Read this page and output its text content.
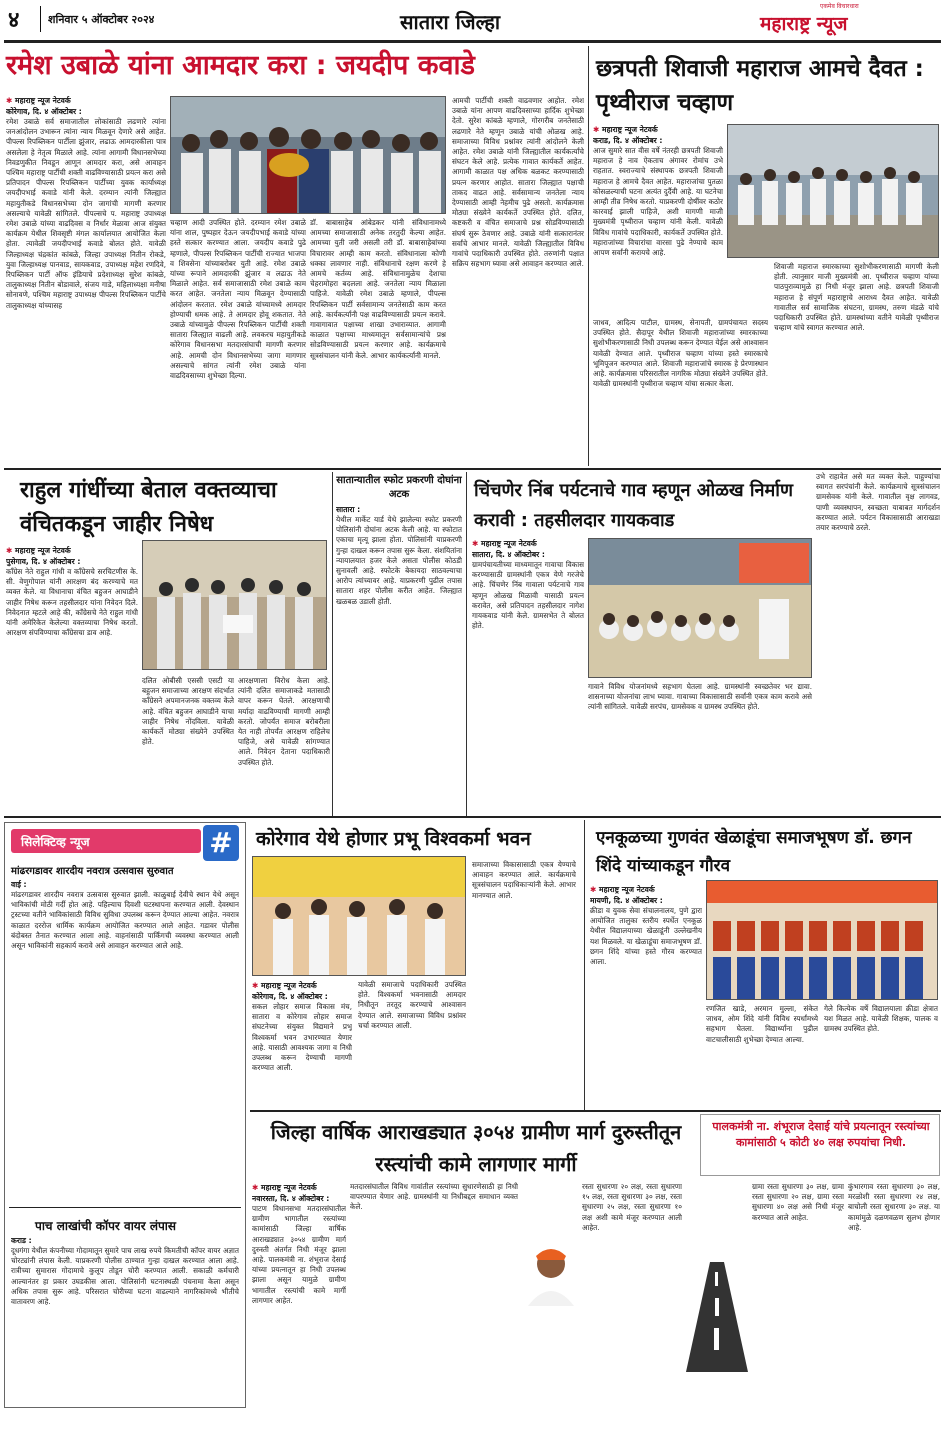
४	शनिवार ५ ऑक्टोबर २०२४	सातारा जिल्हा
एकमेव विचारधारा
महाराष्ट्र न्यूज
रमेश उबाळे यांना आमदार करा : जयदीप कवाडे
✱ महाराष्ट्र न्यूज नेटवर्क
कोरेगाव, दि. ४ ऑक्टोबर :
रमेश उबाळे सर्व समाजातील लोकांसाठी लढणारे त्यांना जनआंदोलन उभारून त्यांना न्याय मिळवून देणारे असे आहेत. पीपल्स रिपब्लिकन पार्टीला झुंजार, लढाऊ आमदारकीला पात्र असलेला हे नेतृत्व मिळाले आहे. त्यांना आगामी विधानसभेच्या निवडणुकीत निवडून आणून आमदार करा, असे आवाहन पश्चिम महाराष्ट्र पार्टीची शक्ती वाढविण्यासाठी प्रयत्न करा असे प्रतिपादन पीपल्स रिपब्लिकन पार्टीच्या युवक कार्याध्यक्ष जयदीपभाई कवाडे यांनी केले. दरम्यान त्यांनी जिल्ह्यात महायुतीकडे विधानसभेच्या दोन जागांची मागणी करणार असल्याचे यावेळी सांगितले. पीपल्सचे प. महाराष्ट्र उपाध्यक्ष रमेश उबाळे यांच्या वाढदिवस व निर्धार मेळावा आज संयुक्त कार्यक्रम येथील शिवसृष्टी मंगल कार्यालयात आयोजित केला होता. त्यावेळी जयदीपभाई कवाडे बोलत होते. यावेळी जिल्हाध्यक्ष चंद्रकांत कांबळे, जिल्हा उपाध्यक्ष नितीन रोकडे, युवा जिल्हाध्यक्ष पानवाड, सायकवाड, उपाध्यक्ष महेश रणदिवे, रिपब्लिकन पार्टी ऑफ इंडियाचे प्रदेशाध्यक्ष सुरेश कांबळे, तालुकाध्यक्ष नितीन बोडावाले, संजय गाडे, महिलाध्यक्षा मनीषा सोनावणे, पश्चिम महाराष्ट्र उपाध्यक्ष पीपल्स रिपब्लिकन पार्टीचे तालुकाध्यक्ष यांच्यासह
चव्हाण आदी उपस्थित होते. दरम्यान रमेश उबाळे यांना शाल, पुष्पहार देऊन जयदीपभाई कवाडे यांच्या हस्ते सत्कार करण्यात आला. जयदीप कवाडे पुढे म्हणाले, पीपल्स रिपब्लिकन पार्टीची राज्यात भाजपा व शिवसेना यांच्याबरोबर युती आहे. रमेश उबाळे यांच्या रूपाने आमदारकी झुंजार व लढाऊ नेते मिळाले आहेत. सर्व समाजासाठी रमेश उबाळे काम करत आहेत. जनतेला न्याय मिळवून देण्यासाठी आंदोलन करतात. रमेश उबाळे यांच्यामध्ये आमदार होण्याची धमक आहे. ते आमदार होवू शकतात. नेते उबाळे यांच्यामुळे पीपल्स रिपब्लिकन पार्टीची शक्ती सातारा जिल्ह्यात वाढली आहे. लवकरच महायुतीकडे कोरेगाव विधानसभा मतदारसंघाची मागणी करणार आहे. आमची दोन विधानसभेच्या जागा मागणार असल्याचे सांगत त्यांनी रमेश उबाळे यांना वाढदिवसाच्या शुभेच्छा दिल्या.
डॉ. बाबासाहेब आंबेडकर यांनी संविधानामध्ये आमच्या समाजासाठी अनेक तरतुदी केल्या आहेत. आमच्या युती जरी असली तरी डॉ. बाबासाहेबांच्या विचारावर आम्ही काम करतो. संविधानाला कोणी धक्का लावणार नाही. संविधानाचे रक्षण करणे हे आमचे कर्तव्य आहे. संविधानामुळेच देशाचा चेहरामोहरा बदलला आहे. जनतेला न्याय मिळाला पाहिजे. यावेळी रमेश उबाळे म्हणाले, पीपल्स रिपब्लिकन पार्टी सर्वसामान्य जनतेसाठी काम करत आहे. कार्यकर्त्यांनी पक्ष वाढविण्यासाठी प्रयत्न करावे. गावागावात पक्षाच्या शाखा उभाराव्यात. आगामी काळात पक्षाच्या माध्यमातून सर्वसामान्यांचे प्रश्न सोडविण्यासाठी प्रयत्न करणार आहे. कार्यक्रमाचे सूत्रसंचालन यांनी केले. आभार कार्यकर्त्यांनी मानले.
आमची पार्टीची शक्ती वाढवणार आहोत. रमेश उबाळे यांना आपण वाढदिवसाच्या हार्दिक शुभेच्छा देतो. सुरेश कांबळे म्हणाले, गोरगरीब जनतेसाठी लढणारे नेते म्हणून उबाळे यांची ओळख आहे. समाजाच्या विविध प्रश्नांवर त्यांनी आंदोलने केली आहेत. रमेश उबाळे यांनी जिल्ह्यातील कार्यकर्त्यांचे संघटन केले आहे. प्रत्येक गावात कार्यकर्ते आहेत. आगामी काळात पक्ष अधिक बळकट करण्यासाठी प्रयत्न करणार आहोत. सातारा जिल्ह्यात पक्षाची ताकद वाढत आहे. सर्वसामान्य जनतेला न्याय देण्यासाठी आम्ही नेहमीच पुढे असतो. कार्यक्रमास मोठ्या संख्येने कार्यकर्ते उपस्थित होते. दलित, कष्टकरी व वंचित समाजाचे प्रश्न सोडविण्यासाठी संघर्ष सुरू ठेवणार आहे. उबाळे यांनी सत्कारानंतर सर्वांचे आभार मानले. यावेळी जिल्ह्यातील विविध गावांचे पदाधिकारी उपस्थित होते. तरुणांनी पक्षात सक्रिय सहभाग घ्यावा असे आवाहन करण्यात आले.
छत्रपती शिवाजी महाराज आमचे दैवत : पृथ्वीराज चव्हाण
✱ महाराष्ट्र न्यूज नेटवर्क
कराड, दि. ४ ऑक्टोबर :
आज सुमारे सात वीस वर्षे नंतरही छत्रपती शिवाजी महाराज हे नाव ऐकताच अंगावर रोमांच उभे राहतात. स्वराज्याचे संस्थापक छत्रपती शिवाजी महाराज हे आमचे दैवत आहेत. महाराजांचा पुतळा कोसळल्याची घटना अत्यंत दुर्दैवी आहे. या घटनेचा आम्ही तीव्र निषेध करतो. याप्रकरणी दोषींवर कठोर कारवाई झाली पाहिजे, अशी मागणी माजी मुख्यमंत्री पृथ्वीराज चव्हाण यांनी केली. यावेळी विविध गावांचे पदाधिकारी, कार्यकर्ते उपस्थित होते. महाराजांच्या विचारांचा वारसा पुढे नेण्याचे काम आपण सर्वांनी करायचे आहे.
जाधव, आदित्य पाटील, ग्रामस्थ, सेनापती, ग्रामपंचायत सदस्य उपस्थित होते. सैदापूर येथील शिवाजी महाराजांच्या स्मारकाच्या सुशोभीकरणासाठी निधी उपलब्ध करून देण्यात येईल असे आश्वासन यावेळी देण्यात आले. पृथ्वीराज चव्हाण यांच्या हस्ते स्मारकाचे भूमिपूजन करण्यात आले. शिवाजी महाराजांचे स्मारक हे प्रेरणास्थान आहे. कार्यक्रमास परिसरातील नागरिक मोठ्या संख्येने उपस्थित होते. यावेळी ग्रामस्थांनी पृथ्वीराज चव्हाण यांचा सत्कार केला.
शिवाजी महाराज स्मारकाच्या सुशोभीकरणासाठी मागणी केली होती. त्यानुसार माजी मुख्यमंत्री आ. पृथ्वीराज चव्हाण यांच्या पाठपुराव्यामुळे हा निधी मंजूर झाला आहे. छत्रपती शिवाजी महाराज हे संपूर्ण महाराष्ट्राचे आराध्य दैवत आहेत. यावेळी गावातील सर्व सामाजिक संघटना, ग्रामस्थ, तरुण मंडळे यांचे पदाधिकारी उपस्थित होते. ग्रामस्थांच्या वतीने यावेळी पृथ्वीराज चव्हाण यांचे स्वागत करण्यात आले.
राहुल गांधींच्या बेताल वक्तव्याचा वंचितकडून जाहीर निषेध
✱ महाराष्ट्र न्यूज नेटवर्क
पुसेगाव, दि. ४ ऑक्टोबर :
काँग्रेस नेते राहुल गांधी व काँग्रेसचे सरचिटणीस के. सी. वेणुगोपाल यांनी आरक्षण बंद करण्याचे मत व्यक्त केले. या विधानाचा वंचित बहुजन आघाडीने जाहीर निषेध करून तहसीलदार यांना निवेदन दिले. निवेदनात म्हटले आहे की, काँग्रेसचे नेते राहुल गांधी यांनी अमेरिकेत केलेल्या वक्तव्याचा निषेध करतो. आरक्षण संपविण्याचा काँग्रेसचा डाव आहे.
दलित ओबीसी एससी एसटी या बहुजन समाजाच्या आरक्षण संदर्भात काँग्रेसने अपमानजनक वक्तव्य केले आहे. वंचित बहुजन आघाडीने याचा जाहीर निषेध नोंदविला. यावेळी कार्यकर्ते मोठ्या संख्येने उपस्थित होते.
आरक्षणाला विरोध केला आहे. त्यांनी दलित समाजाकडे मतासाठी वापर करून घेतले. आरक्षणाची मर्यादा वाढविण्याची मागणी आम्ही करतो. जोपर्यंत समाज बरोबरीला येत नाही तोपर्यंत आरक्षण राहिलेच पाहिजे, असे यावेळी सांगण्यात आले. निवेदन देताना पदाधिकारी उपस्थित होते.
सातान्यातील स्फोट प्रकरणी दोघांना अटक
सातारा :
येथील मार्केट यार्ड येथे झालेल्या स्फोट प्रकरणी पोलिसांनी दोघांना अटक केली आहे. या स्फोटात एकाचा मृत्यू झाला होता. पोलिसांनी याप्रकरणी गुन्हा दाखल करून तपास सुरू केला. संशयितांना न्यायालयात हजर केले असता पोलीस कोठडी सुनावली आहे. स्फोटके बेकायदा साठवल्याचा आरोप त्यांच्यावर आहे. याप्रकरणी पुढील तपास सातारा शहर पोलीस करीत आहेत. जिल्ह्यात खळबळ उडाली होती.
चिंचणेर निंब पर्यटनाचे गाव म्हणून ओळख निर्माण करावी : तहसीलदार गायकवाड
✱ महाराष्ट्र न्यूज नेटवर्क
सातारा, दि. ४ ऑक्टोबर :
ग्रामपंचायतीच्या माध्यमातून गावाचा विकास करण्यासाठी ग्रामस्थांनी एकत्र येणे गरजेचे आहे. चिंचणेर निंब गावाला पर्यटनाचे गाव म्हणून ओळख मिळावी यासाठी प्रयत्न करावेत, असे प्रतिपादन तहसीलदार नागेश गायकवाड यांनी केले. ग्रामसभेत ते बोलत होते.
गावाने विविध योजनांमध्ये सहभाग घेतला आहे. ग्रामस्थांनी स्वच्छतेवर भर द्यावा. शासनाच्या योजनांचा लाभ घ्यावा. गावाच्या विकासासाठी सर्वांनी एकत्र काम करावे असे त्यांनी सांगितले. यावेळी सरपंच, ग्रामसेवक व ग्रामस्थ उपस्थित होते.
उभे राहावेत असे मत व्यक्त केले. पाहुण्यांचा स्वागत सरपंचांनी केले. कार्यक्रमाचे सूत्रसंचालन ग्रामसेवक यांनी केले. गावातील वृक्ष लागवड, पाणी व्यवस्थापन, स्वच्छता याबाबत मार्गदर्शन करण्यात आले. पर्यटन विकासासाठी आराखडा तयार करण्याचे ठरले.
सिलेक्टिव्ह न्यूज	#
मांढरगडावर शारदीय नवरात्र उत्सवास सुरुवात
वाई :
मांढरगडावर शारदीय नवरात्र उत्सवास सुरुवात झाली. काळुबाई देवीचे स्थान येथे असून भाविकांची मोठी गर्दी होत आहे. पहिल्याच दिवशी घटस्थापना करण्यात आली. देवस्थान ट्रस्टच्या वतीने भाविकांसाठी विविध सुविधा उपलब्ध करून देण्यात आल्या आहेत. नवरात्र काळात दररोज धार्मिक कार्यक्रम आयोजित करण्यात आले आहेत. गडावर पोलीस बंदोबस्त तैनात करण्यात आला आहे. वाहनांसाठी पार्किंगची व्यवस्था करण्यात आली असून भाविकांनी सहकार्य करावे असे आवाहन करण्यात आले आहे.
पाच लाखांची कॉपर वायर लंपास
कराड :
दूधगंगा येथील कंपनीच्या गोदामातून सुमारे पाच लाख रुपये किमतीची कॉपर वायर अज्ञात चोरट्यांनी लंपास केली. याप्रकरणी पोलीस ठाण्यात गुन्हा दाखल करण्यात आला आहे. रात्रीच्या सुमारास गोदामाचे कुलूप तोडून चोरी करण्यात आली. सकाळी कर्मचारी आल्यानंतर हा प्रकार उघडकीस आला. पोलिसांनी घटनास्थळी पंचनामा केला असून अधिक तपास सुरू आहे. परिसरात चोरीच्या घटना वाढल्याने नागरिकांमध्ये भीतीचे वातावरण आहे.
कोरेगाव येथे होणार प्रभू विश्वकर्मा भवन
✱ महाराष्ट्र न्यूज नेटवर्क
कोरेगाव, दि. ४ ऑक्टोबर :
सकल लोहार समाज विकास मंच, सातारा व कोरेगाव लोहार समाज संघटनेच्या संयुक्त विद्यमाने प्रभू विश्वकर्मा भवन उभारण्यात येणार आहे. यासाठी आवश्यक जागा व निधी उपलब्ध करून देण्याची मागणी करण्यात आली.
यावेळी समाजाचे पदाधिकारी उपस्थित होते. विश्वकर्मा भवनासाठी आमदार निधीतून तरतूद करण्याचे आश्वासन देण्यात आले. समाजाच्या विविध प्रश्नांवर चर्चा करण्यात आली.
समाजाच्या विकासासाठी एकत्र येण्याचे आवाहन करण्यात आले. कार्यक्रमाचे सूत्रसंचालन पदाधिकाऱ्यांनी केले. आभार मानण्यात आले.
एनकूळच्या गुणवंत खेळाडूंचा समाजभूषण डॉ. छगन शिंदे यांच्याकडून गौरव
✱ महाराष्ट्र न्यूज नेटवर्क
मायणी, दि. ४ ऑक्टोबर :
क्रीडा व युवक सेवा संचालनालय, पुणे द्वारा आयोजित तालुका स्तरीय स्पर्धेत एनकूळ येथील विद्यालयाच्या खेळाडूंनी उल्लेखनीय यश मिळवले. या खेळाडूंचा समाजभूषण डॉ. छगन शिंदे यांच्या हस्ते गौरव करण्यात आला.
रणजित खाडे, अरमान मुल्ला, संकेत जाधव, ओम शिंदे यांनी विविध स्पर्धांमध्ये सहभाग घेतला. विद्यार्थ्यांना पुढील वाटचालीसाठी शुभेच्छा देण्यात आल्या.
गेले कित्येक वर्षे विद्यालयाला क्रीडा क्षेत्रात यश मिळत आहे. यावेळी शिक्षक, पालक व ग्रामस्थ उपस्थित होते.
जिल्हा वार्षिक आराखड्यात ३०५४ ग्रामीण मार्ग दुरुस्तीतून रस्त्यांची कामे लागणार मार्गी
पालकमंत्री ना. शंभूराज देसाई यांचे प्रयत्नातून रस्त्यांच्या कामांसाठी ५ कोटी ४० लक्ष रुपयांचा निधी.
✱ महाराष्ट्र न्यूज नेटवर्क
नवारस्ता, दि. ४ ऑक्टोबर :
पाटण विधानसभा मतदारसंघातील ग्रामीण भागातील रस्त्यांच्या कामांसाठी जिल्हा वार्षिक आराखड्यात ३०५४ ग्रामीण मार्ग दुरुस्ती अंतर्गत निधी मंजूर झाला आहे. पालकमंत्री ना. शंभूराज देसाई यांच्या प्रयत्नातून हा निधी उपलब्ध झाला असून यामुळे ग्रामीण भागातील रस्त्यांची कामे मार्गी लागणार आहेत.
मतदारसंघातील विविध गावांतील रस्त्यांच्या सुधारणेसाठी हा निधी वापरण्यात येणार आहे. ग्रामस्थांनी या निधीबद्दल समाधान व्यक्त केले.
रस्ता सुधारणा २० लक्ष, रस्ता सुधारणा १५ लक्ष, रस्ता सुधारणा ३० लक्ष, रस्ता सुधारणा २५ लक्ष, रस्ता सुधारणा १० लक्ष अशी कामे मंजूर करण्यात आली आहेत.
ग्रामा रस्ता सुधारणा ३० लक्ष, ग्रामा रस्ता सुधारणा २० लक्ष, ग्रामा रस्ता सुधारणा ४० लक्ष असे निधी मंजूर करण्यात आले आहेत.
कुंभारगाव रस्ता सुधारणा ३० लक्ष, मरळोशी रस्ता सुधारणा २४ लक्ष, बाचोली रस्ता सुधारणा ३० लक्ष. या कामांमुळे दळणवळण सुलभ होणार आहे.
